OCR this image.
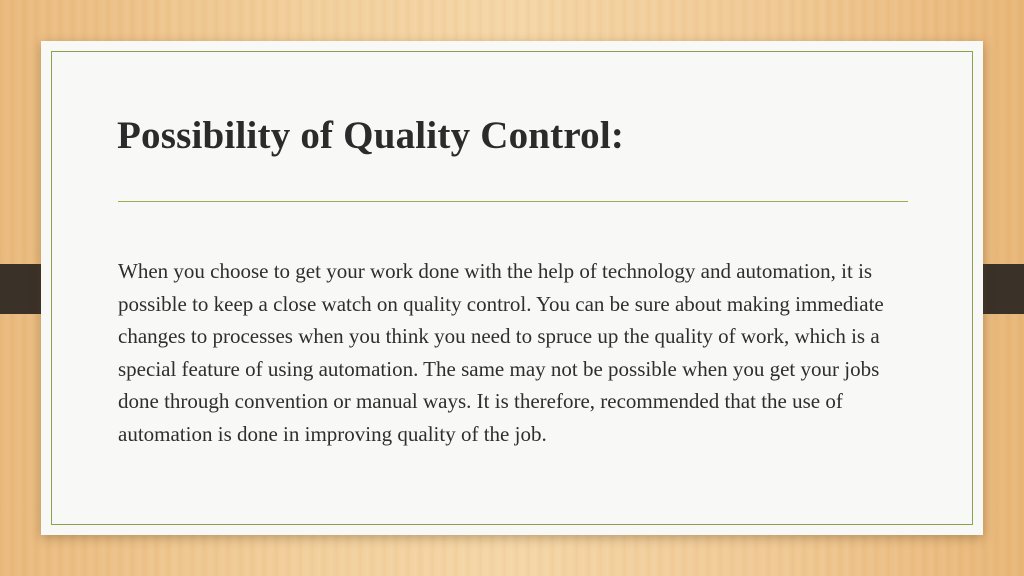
Possibility of Quality Control:

When you choose to get your work done with the help of technology and automation, it is possible to keep a close watch on quality control. You can be sure about making immediate changes to processes when you think you need to spruce up the quality of work, which is a special feature of using automation. The same may not be possible when you get your jobs done through convention or manual ways. It is therefore, recommended that the use of automation is done in improving quality of the job.
